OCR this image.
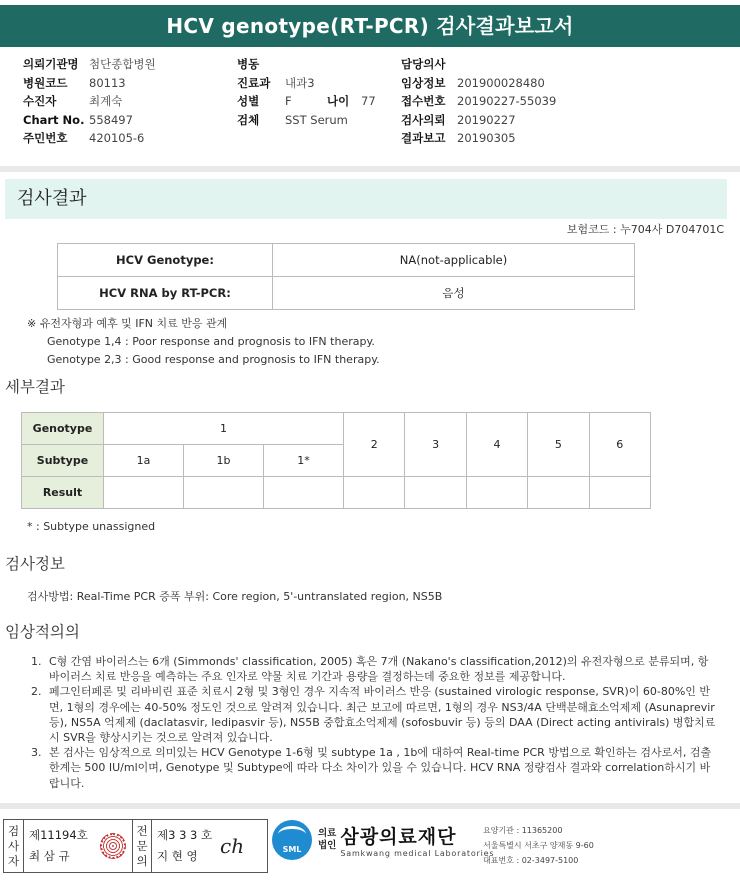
HCV genotype(RT-PCR) 검사결과보고서
의뢰기관명 첨단종합병원
병원코드	80113
수진자	최계숙
Chart No. 558497
주민번호	420105-6
병동
진료과	내과3
성별	F	나이	77
검체	SST Serum
담당의사
임상정보	201900028480
접수번호	20190227-55039
검사의뢰	20190227
결과보고	20190305
검사결과
보험코드 : 누704사 D704701C
HCV Genotype:	NA(not-applicable)
HCV RNA by RT-PCR:	음성
※ 유전자형과 예후 및 IFN 치료 반응 관계
Genotype 1,4 : Poor response and prognosis to IFN therapy.
Genotype 2,3 : Good response and prognosis to IFN therapy.
세부결과
Genotype	1			2	3	4	5	6
Subtype	1a	1b	1*					
Result								
* : Subtype unassigned
검사정보
검사방법: Real-Time PCR 증폭 부위: Core region, 5'-untranslated region, NS5B
임상적의의
1. C형 간염 바이러스는 6개 (Simmonds' classification, 2005) 혹은 7개 (Nakano's classification,2012)의 유전자형으로 분류되며, 항바이러스 치료 반응을 예측하는 주요 인자로 약물 치료 기간과 용량을 결정하는데 중요한 정보를 제공합니다.
2. 페그인터페론 및 리바비린 표준 치료시 2형 및 3형인 경우 지속적 바이러스 반응 (sustained virologic response, SVR)이 60-80%인 반면, 1형의 경우에는 40-50% 정도인 것으로 알려져 있습니다. 최근 보고에 따르면, 1형의 경우 NS3/4A 단백분해효소억제제 (Asunaprevir 등), NS5A 억제제 (daclatasvir, ledipasvir 등), NS5B 중합효소억제제 (sofosbuvir 등) 등의 DAA (Direct acting antivirals) 병합치료시 SVR을 향상시키는 것으로 알려져 있습니다.
3. 본 검사는 임상적으로 의미있는 HCV Genotype 1-6형 및 subtype 1a , 1b에 대하여 Real-time PCR 방법으로 확인하는 검사로서, 검출한계는 500 IU/ml이며, Genotype 및 Subtype에 따라 다소 차이가 있을 수 있습니다. HCV RNA 정량검사 결과와 correlation하시기 바랍니다.
검
사
자
제11194호
최 삼 규
전
문
의
제3 3 3 호
지 현 영	ch	SML
의료
법인 삼광의료재단
Samkwang medical Laboratories
요양기관 : 11365200
서울특별시 서초구 양재동 9-60
대표번호 : 02-3497-5100
